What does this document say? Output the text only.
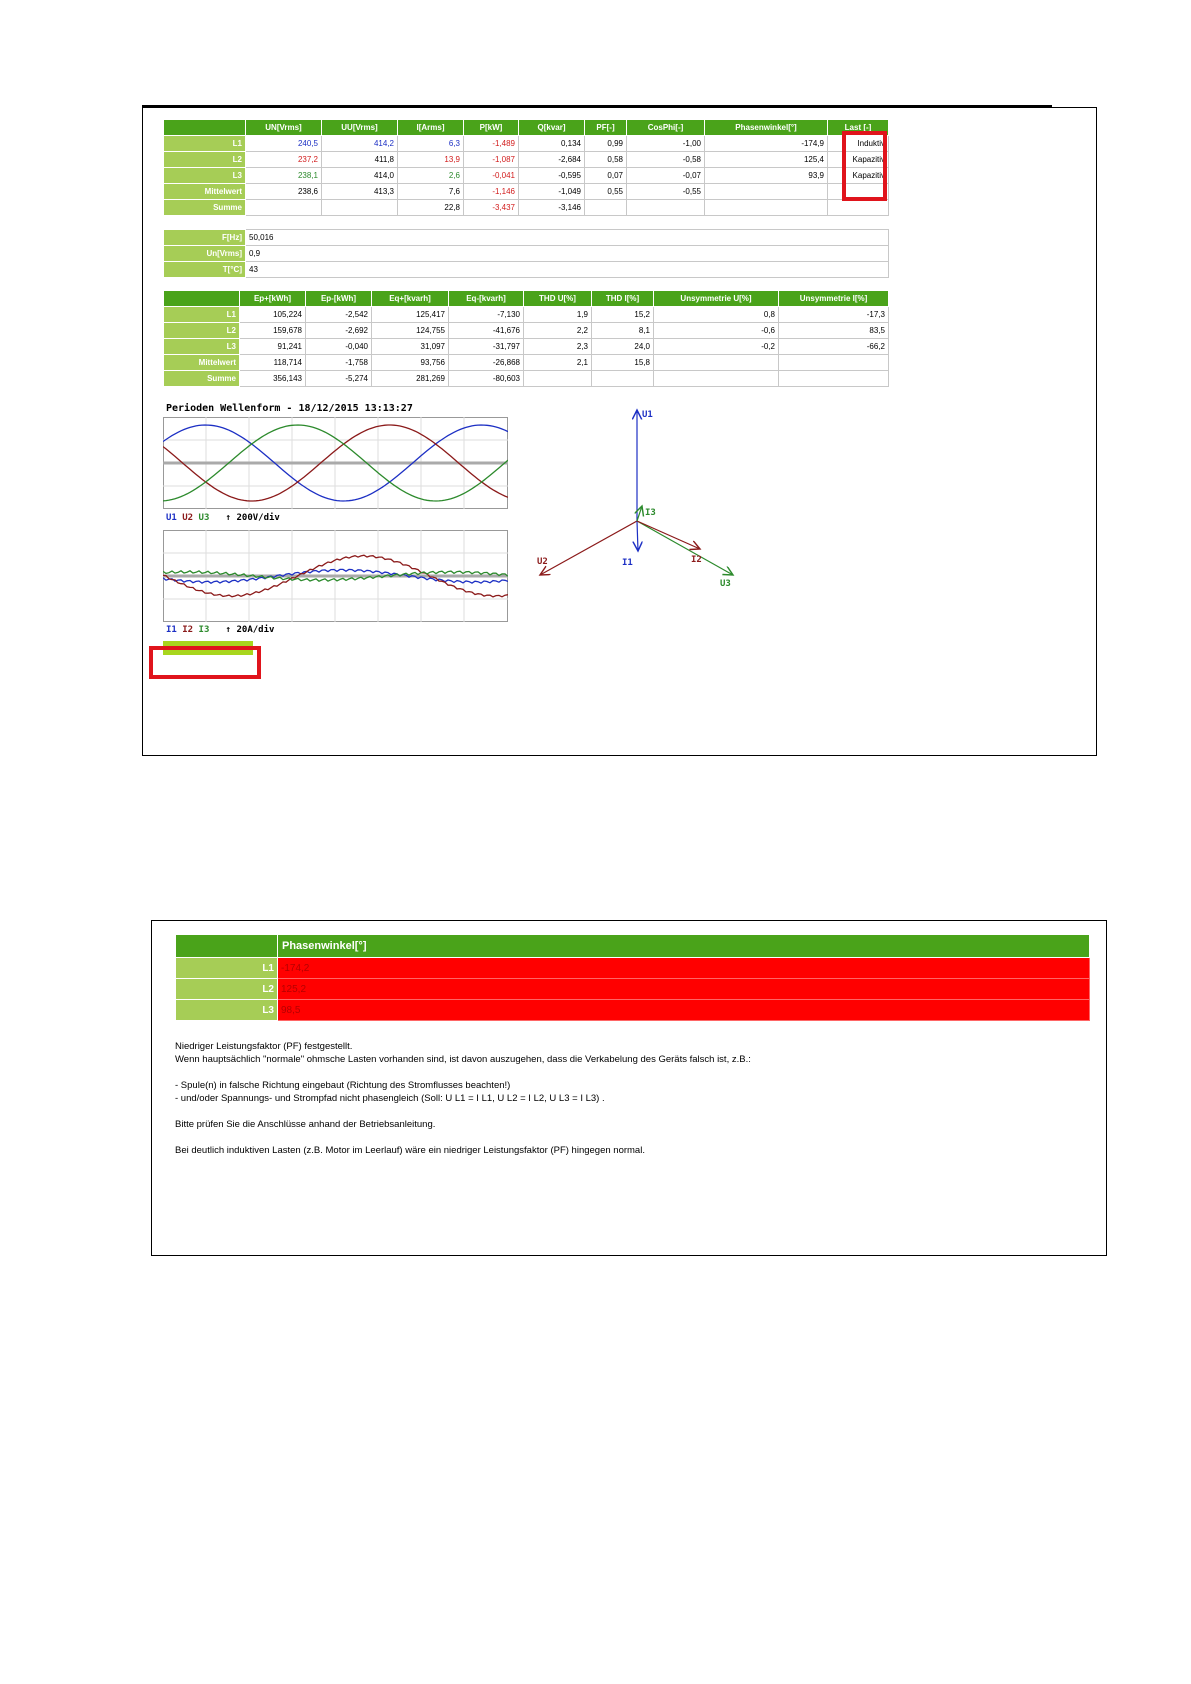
	UN[Vrms]	UU[Vrms]	I[Arms]	P[kW]	Q[kvar]	PF[-]	CosPhi[-]	Phasenwinkel[°]	Last [-]
L1	240,5	414,2	6,3	-1,489	0,134	0,99	-1,00	-174,9	Induktiv
L2	237,2	411,8	13,9	-1,087	-2,684	0,58	-0,58	125,4	Kapazitiv
L3	238,1	414,0	2,6	-0,041	-0,595	0,07	-0,07	93,9	Kapazitiv
Mittelwert	238,6	413,3	7,6	-1,146	-1,049	0,55	-0,55		
Summe			22,8	-3,437	-3,146				
F[Hz]	50,016
Un[Vrms]	0,9
T[°C]	43
	Ep+[kWh]	Ep-[kWh]	Eq+[kvarh]	Eq-[kvarh]	THD U[%]	THD I[%]	Unsymmetrie U[%]	Unsymmetrie I[%]
L1	105,224	-2,542	125,417	-7,130	1,9	15,2	0,8	-17,3
L2	159,678	-2,692	124,755	-41,676	2,2	8,1	-0,6	83,5
L3	91,241	-0,040	31,097	-31,797	2,3	24,0	-0,2	-66,2
Mittelwert	118,714	-1,758	93,756	-26,868	2,1	15,8		
Summe	356,143	-5,274	281,269	-80,603				
Perioden Wellenform - 18/12/2015 13:13:27
U1 U2 U3 ↑ 200V/div
I1 I2 I3 ↑ 20A/div
U1
U2
U3
I1	I2
I3
	Phasenwinkel[°]
L1	-174,2
L2	125,2
L3	98,5
Niedriger Leistungsfaktor (PF) festgestellt.
Wenn hauptsächlich "normale" ohmsche Lasten vorhanden sind, ist davon auszugehen, dass die Verkabelung des Geräts falsch ist, z.B.:
- Spule(n) in falsche Richtung eingebaut (Richtung des Stromflusses beachten!)
- und/oder Spannungs- und Strompfad nicht phasengleich (Soll: U L1 = I L1, U L2 = I L2, U L3 = I L3) .
Bitte prüfen Sie die Anschlüsse anhand der Betriebsanleitung.
Bei deutlich induktiven Lasten (z.B. Motor im Leerlauf) wäre ein niedriger Leistungsfaktor (PF) hingegen normal.
